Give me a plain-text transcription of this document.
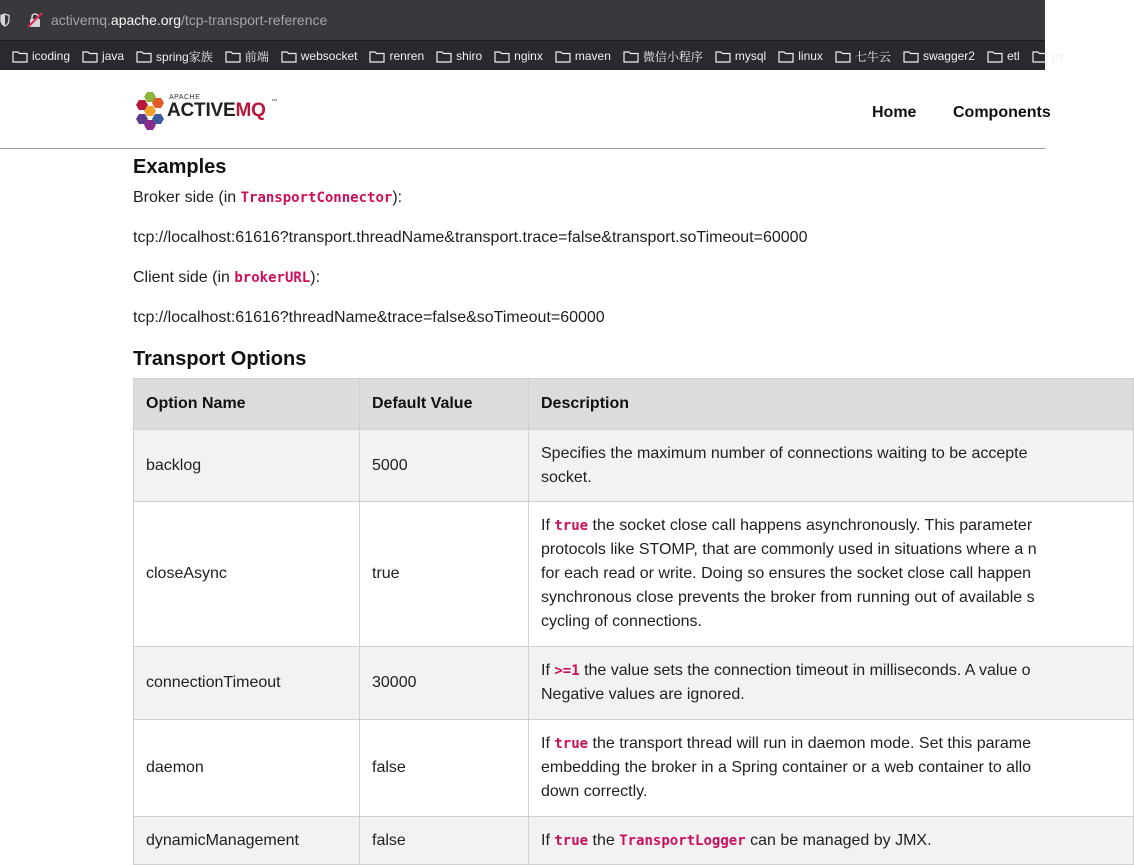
activemq.apache.org/tcp-transport-reference
icoding	java	spring家族	前端	websocket	renren	shiro	nginx	maven	微信小程序	mysql	linux	七牛云	swagger2	etl	py
APACHE
ACTIVEMQ ™
Home Components
Examples
Broker side (in TransportConnector):
tcp://localhost:61616?transport.threadName&transport.trace=false&transport.soTimeout=60000
Client side (in brokerURL):
tcp://localhost:61616?threadName&trace=false&soTimeout=60000
Transport Options
Option Name	Default Value	Description
backlog	5000	Specifies the maximum number of connections waiting to be accepte
socket.

closeAsync	true	If true the socket close call happens asynchronously. This parameter
protocols like STOMP, that are commonly used in situations where a n
for each read or write. Doing so ensures the socket close call happen
synchronous close prevents the broker from running out of available s
cycling of connections.

connectionTimeout	30000	If >=1 the value sets the connection timeout in milliseconds. A value o
Negative values are ignored.

daemon	false	If true the transport thread will run in daemon mode. Set this parame
embedding the broker in a Spring container or a web container to allo
down correctly.

dynamicManagement	false	If true the TransportLogger can be managed by JMX.
